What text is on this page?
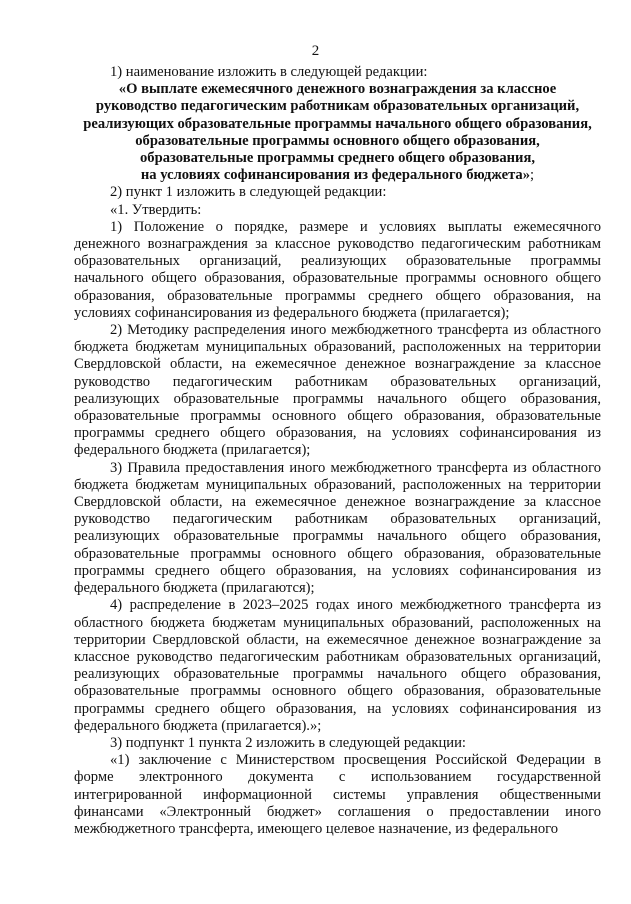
2

1) наименование изложить в следующей редакции:

«О выплате ежемесячного денежного вознаграждения за классное
руководство педагогическим работникам образовательных организаций,
реализующих образовательные программы начального общего образования,
образовательные программы основного общего образования,
образовательные программы среднего общего образования,
на условиях софинансирования из федерального бюджета»;

2) пункт 1 изложить в следующей редакции:

«1. Утвердить:

1) Положение о порядке, размере и условиях выплаты ежемесячного денежного вознаграждения за классное руководство педагогическим работникам образовательных организаций, реализующих образовательные программы начального общего образования, образовательные программы основного общего образования, образовательные программы среднего общего образования, на условиях софинансирования из федерального бюджета (прилагается);

2) Методику распределения иного межбюджетного трансферта из областного бюджета бюджетам муниципальных образований, расположенных на территории Свердловской области, на ежемесячное денежное вознаграждение за классное руководство педагогическим работникам образовательных организаций, реализующих образовательные программы начального общего образования, образовательные программы основного общего образования, образовательные программы среднего общего образования, на условиях софинансирования из федерального бюджета (прилагается);

3) Правила предоставления иного межбюджетного трансферта из областного бюджета бюджетам муниципальных образований, расположенных на территории Свердловской области, на ежемесячное денежное вознаграждение за классное руководство педагогическим работникам образовательных организаций, реализующих образовательные программы начального общего образования, образовательные программы основного общего образования, образовательные программы среднего общего образования, на условиях софинансирования из федерального бюджета (прилагаются);

4) распределение в 2023–2025 годах иного межбюджетного трансферта из областного бюджета бюджетам муниципальных образований, расположенных на территории Свердловской области, на ежемесячное денежное вознаграждение за классное руководство педагогическим работникам образовательных организаций, реализующих образовательные программы начального общего образования, образовательные программы основного общего образования, образовательные программы среднего общего образования, на условиях софинансирования из федерального бюджета (прилагается).»;

3) подпункт 1 пункта 2 изложить в следующей редакции:

«1) заключение с Министерством просвещения Российской Федерации в форме электронного документа с использованием государственной интегрированной информационной системы управления общественными финансами «Электронный бюджет» соглашения о предоставлении иного межбюджетного трансферта, имеющего целевое назначение, из федерального
